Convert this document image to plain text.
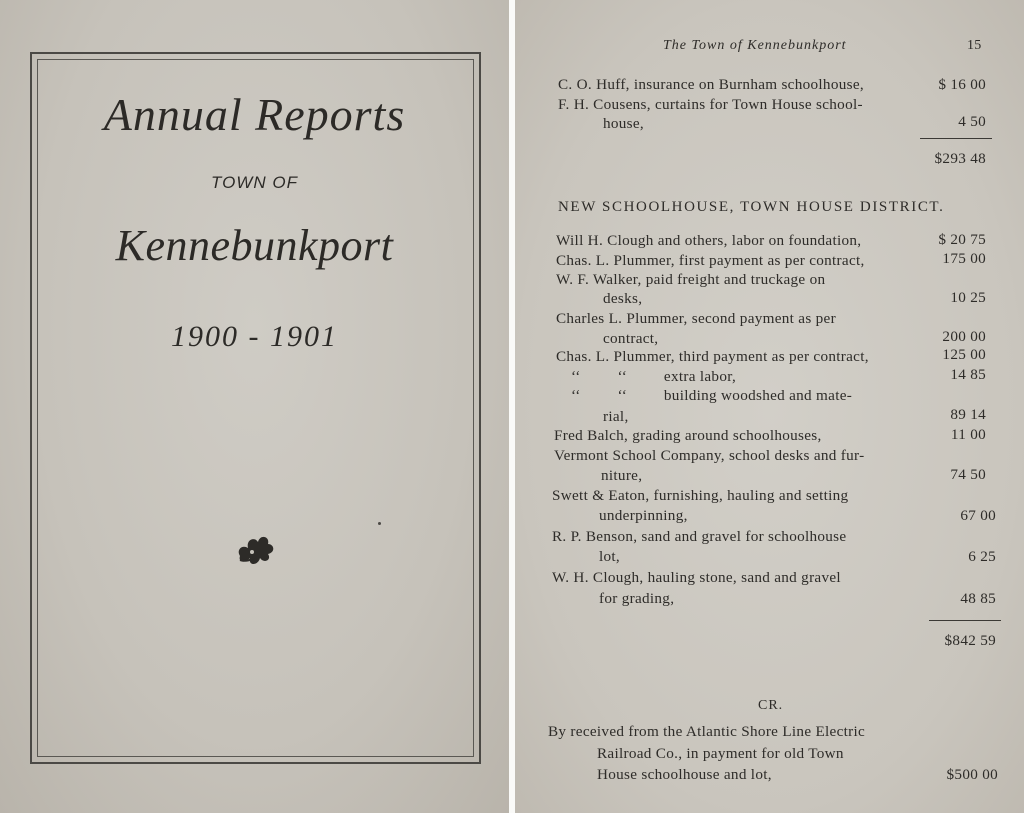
Annual Reports
TOWN OF
Kennebunkport
1900 - 1901
The Town of Kennebunkport	15
C. O. Huff, insurance on Burnham schoolhouse,	$ 16 00
F. H. Cousens, curtains for Town House school-
house,	4 50
$293 48
NEW SCHOOLHOUSE, TOWN HOUSE DISTRICT.
Will H. Clough and others, labor on foundation,	$ 20 75
Chas. L. Plummer, first payment as per contract,	175 00
W. F. Walker, paid freight and truckage on
desks,	10 25
Charles L. Plummer, second payment as per
contract,	200 00
Chas. L. Plummer, third payment as per contract,	125 00
‘‘         ‘‘         extra labor,	14 85
‘‘         ‘‘         building woodshed and mate-
rial,	89 14
Fred Balch, grading around schoolhouses,	11 00
Vermont School Company, school desks and fur-
niture,	74 50
Swett & Eaton, furnishing, hauling and setting
underpinning,	67 00
R. P. Benson, sand and gravel for schoolhouse
lot,	6 25
W. H. Clough, hauling stone, sand and gravel
for grading,	48 85
$842 59
CR.
By received from the Atlantic Shore Line Electric
Railroad Co., in payment for old Town
House schoolhouse and lot,	$500 00
